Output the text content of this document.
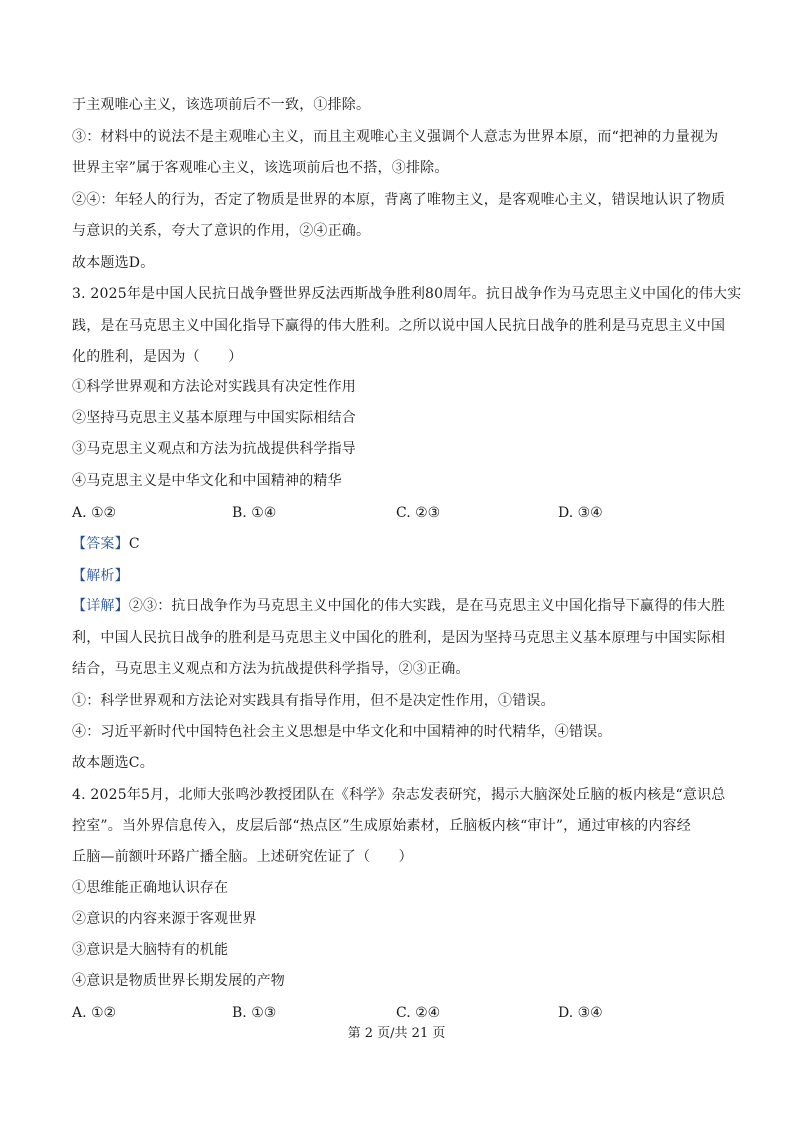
于主观唯心主义，该选项前后不一致，①排除。
③：材料中的说法不是主观唯心主义，而且主观唯心主义强调个人意志为世界本原，而“把神的力量视为
世界主宰”属于客观唯心主义，该选项前后也不搭，③排除。
②④：年轻人的行为，否定了物质是世界的本原，背离了唯物主义，是客观唯心主义，错误地认识了物质
与意识的关系，夸大了意识的作用，②④正确。
故本题选D。
3. 2025年是中国人民抗日战争暨世界反法西斯战争胜利80周年。抗日战争作为马克思主义中国化的伟大实
践，是在马克思主义中国化指导下赢得的伟大胜利。之所以说中国人民抗日战争的胜利是马克思主义中国
化的胜利，是因为（　　）
①科学世界观和方法论对实践具有决定性作用
②坚持马克思主义基本原理与中国实际相结合
③马克思主义观点和方法为抗战提供科学指导
④马克思主义是中华文化和中国精神的精华
A. ①②	B. ①④	C. ②③	D. ③④
【答案】C
【解析】
【详解】②③：抗日战争作为马克思主义中国化的伟大实践，是在马克思主义中国化指导下赢得的伟大胜
利，中国人民抗日战争的胜利是马克思主义中国化的胜利，是因为坚持马克思主义基本原理与中国实际相
结合，马克思主义观点和方法为抗战提供科学指导，②③正确。
①：科学世界观和方法论对实践具有指导作用，但不是决定性作用，①错误。
④：习近平新时代中国特色社会主义思想是中华文化和中国精神的时代精华，④错误。
故本题选C。
4. 2025年5月，北师大张鸣沙教授团队在《科学》杂志发表研究，揭示大脑深处丘脑的板内核是“意识总
控室”。当外界信息传入，皮层后部“热点区”生成原始素材，丘脑板内核“审计”，通过审核的内容经
丘脑—前额叶环路广播全脑。上述研究佐证了（　　）
①思维能正确地认识存在
②意识的内容来源于客观世界
③意识是大脑特有的机能
④意识是物质世界长期发展的产物
A. ①②	B. ①③	C. ②④	D. ③④
第 2 页/共 21 页
